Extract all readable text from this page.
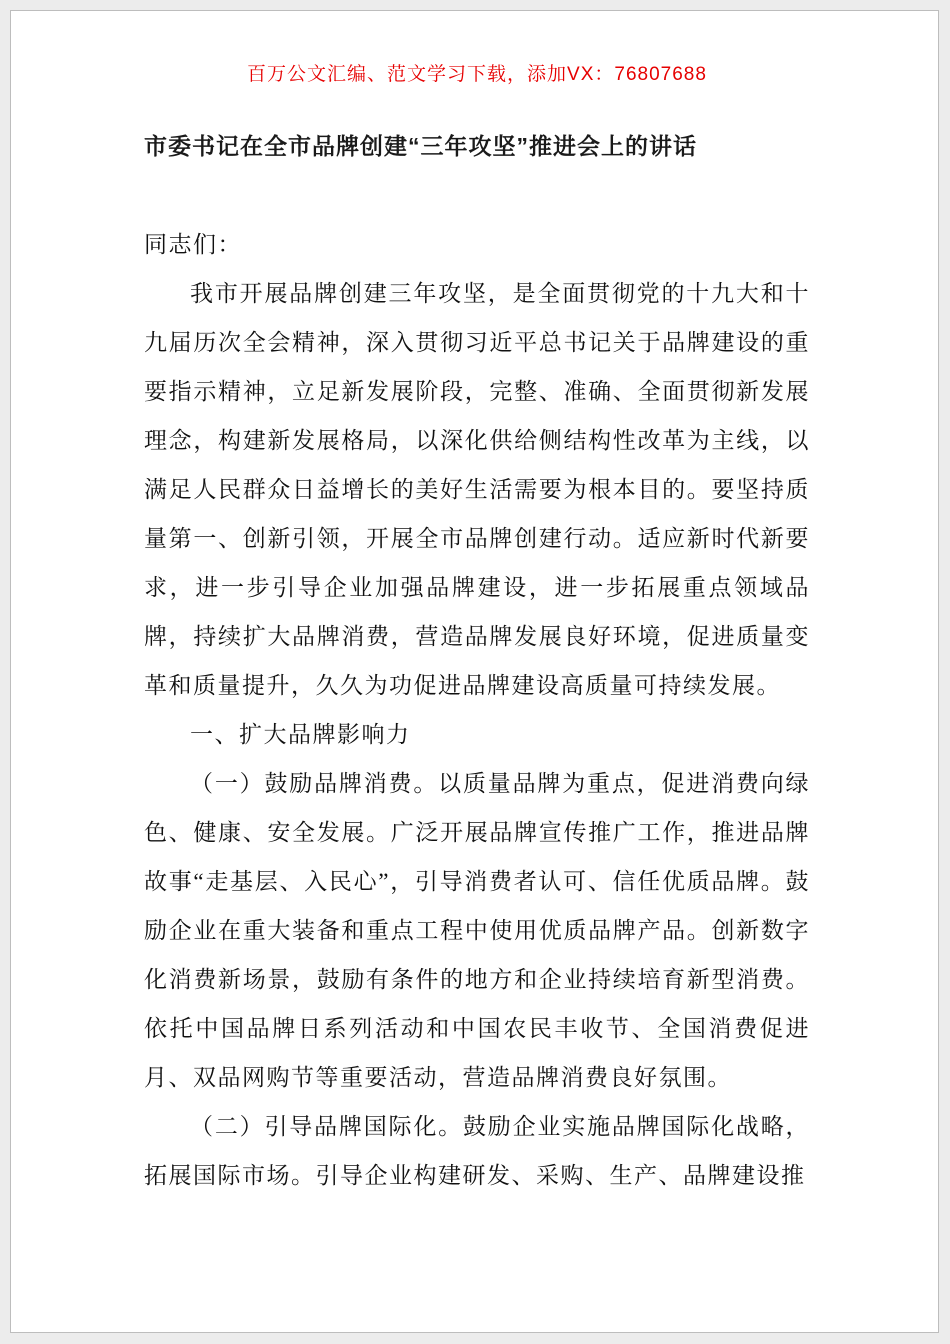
百万公文汇编、范文学习下载，添加VX：76807688
市委书记在全市品牌创建“三年攻坚”推进会上的讲话

同志们：

我市开展品牌创建三年攻坚，是全面贯彻党的十九大和十九届历次全会精神，深入贯彻习近平总书记关于品牌建设的重要指示精神，立足新发展阶段，完整、准确、全面贯彻新发展理念，构建新发展格局，以深化供给侧结构性改革为主线，以满足人民群众日益增长的美好生活需要为根本目的。要坚持质量第一、创新引领，开展全市品牌创建行动。适应新时代新要求，进一步引导企业加强品牌建设，进一步拓展重点领域品牌，持续扩大品牌消费，营造品牌发展良好环境，促进质量变革和质量提升，久久为功促进品牌建设高质量可持续发展。

一、扩大品牌影响力

（一）鼓励品牌消费。以质量品牌为重点，促进消费向绿色、健康、安全发展。广泛开展品牌宣传推广工作，推进品牌故事“走基层、入民心”，引导消费者认可、信任优质品牌。鼓励企业在重大装备和重点工程中使用优质品牌产品。创新数字化消费新场景，鼓励有条件的地方和企业持续培育新型消费。依托中国品牌日系列活动和中国农民丰收节、全国消费促进月、双品网购节等重要活动，营造品牌消费良好氛围。

（二）引导品牌国际化。鼓励企业实施品牌国际化战略，拓展国际市场。引导企业构建研发、采购、生产、品牌建设推
